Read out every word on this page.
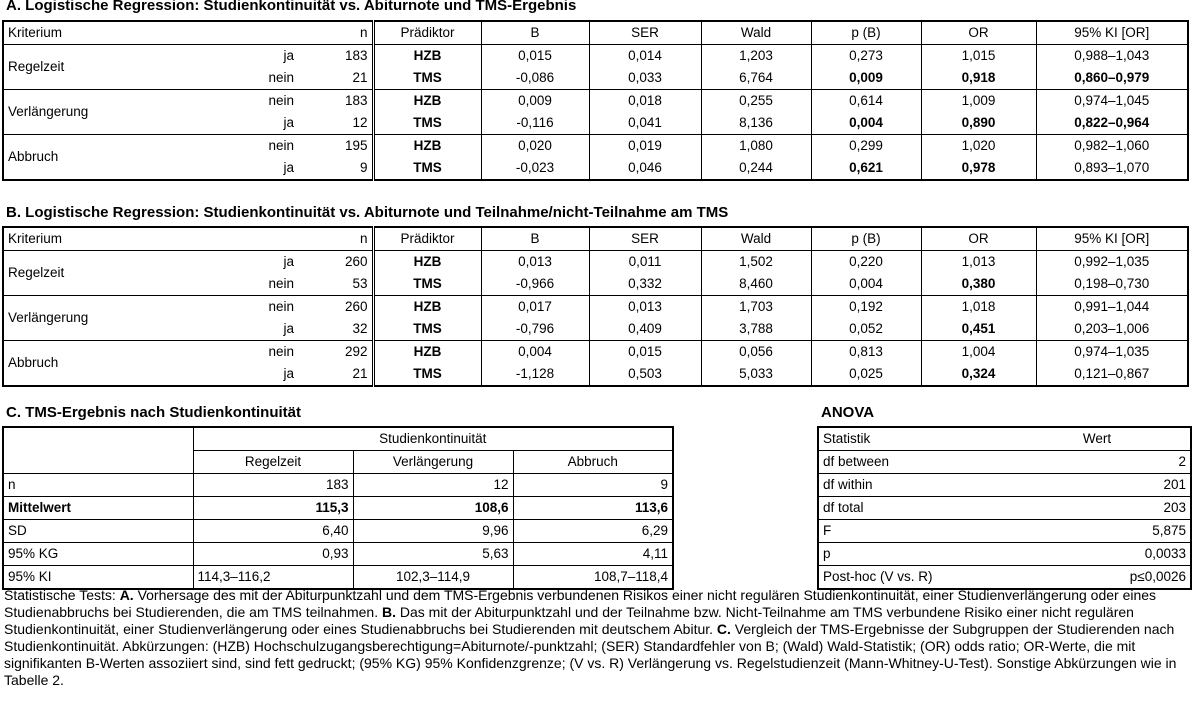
A. Logistische Regression: Studienkontinuität vs. Abiturnote und TMS-Ergebnis
Kriterium		n	Prädiktor	B	SER	Wald	p (B)	OR	95% KI [OR]
Regelzeit	ja	183	HZB	0,015	0,014	1,203	0,273	1,015	0,988–1,043
	nein	21	TMS	-0,086	0,033	6,764	0,009	0,918	0,860–0,979
Verlängerung	nein	183	HZB	0,009	0,018	0,255	0,614	1,009	0,974–1,045
	ja	12	TMS	-0,116	0,041	8,136	0,004	0,890	0,822–0,964
Abbruch	nein	195	HZB	0,020	0,019	1,080	0,299	1,020	0,982–1,060
	ja	9	TMS	-0,023	0,046	0,244	0,621	0,978	0,893–1,070
B. Logistische Regression: Studienkontinuität vs. Abiturnote und Teilnahme/nicht-Teilnahme am TMS
Kriterium		n	Prädiktor	B	SER	Wald	p (B)	OR	95% KI [OR]
Regelzeit	ja	260	HZB	0,013	0,011	1,502	0,220	1,013	0,992–1,035
	nein	53	TMS	-0,966	0,332	8,460	0,004	0,380	0,198–0,730
Verlängerung	nein	260	HZB	0,017	0,013	1,703	0,192	1,018	0,991–1,044
	ja	32	TMS	-0,796	0,409	3,788	0,052	0,451	0,203–1,006
Abbruch	nein	292	HZB	0,004	0,015	0,056	0,813	1,004	0,974–1,035
	ja	21	TMS	-1,128	0,503	5,033	0,025	0,324	0,121–0,867
C. TMS-Ergebnis nach Studienkontinuität
	Studienkontinuität		
	Regelzeit	Verlängerung	Abbruch
n	183	12	9
Mittelwert	115,3	108,6	113,6
SD	6,40	9,96	6,29
95% KG	0,93	5,63	4,11
95% KI	114,3–116,2	102,3–114,9	108,7–118,4
ANOVA
Statistik	Wert
df between	2
df within	201
df total	203
F	5,875
p	0,0033
Post-hoc (V vs. R)	p≤0,0026
Statistische Tests: A. Vorhersage des mit der Abiturpunktzahl und dem TMS-Ergebnis verbundenen Risikos einer nicht regulären Studienkontinuität, einer Studienverlängerung oder eines Studienabbruchs bei Studierenden, die am TMS teilnahmen. B. Das mit der Abiturpunktzahl und der Teilnahme bzw. Nicht-Teilnahme am TMS verbundene Risiko einer nicht regulären Studienkontinuität, einer Studienverlängerung oder eines Studienabbruchs bei Studierenden mit deutschem Abitur. C. Vergleich der TMS-Ergebnisse der Subgruppen der Studierenden nach Studienkontinuität. Abkürzungen: (HZB) Hochschulzugangsberechtigung=Abiturnote/-punktzahl; (SER) Standardfehler von B; (Wald) Wald-Statistik; (OR) odds ratio; OR-Werte, die mit signifikanten B-Werten assoziiert sind, sind fett gedruckt; (95% KG) 95% Konfidenzgrenze; (V vs. R) Verlängerung vs. Regelstudienzeit (Mann-Whitney-U-Test). Sonstige Abkürzungen wie in Tabelle 2.
